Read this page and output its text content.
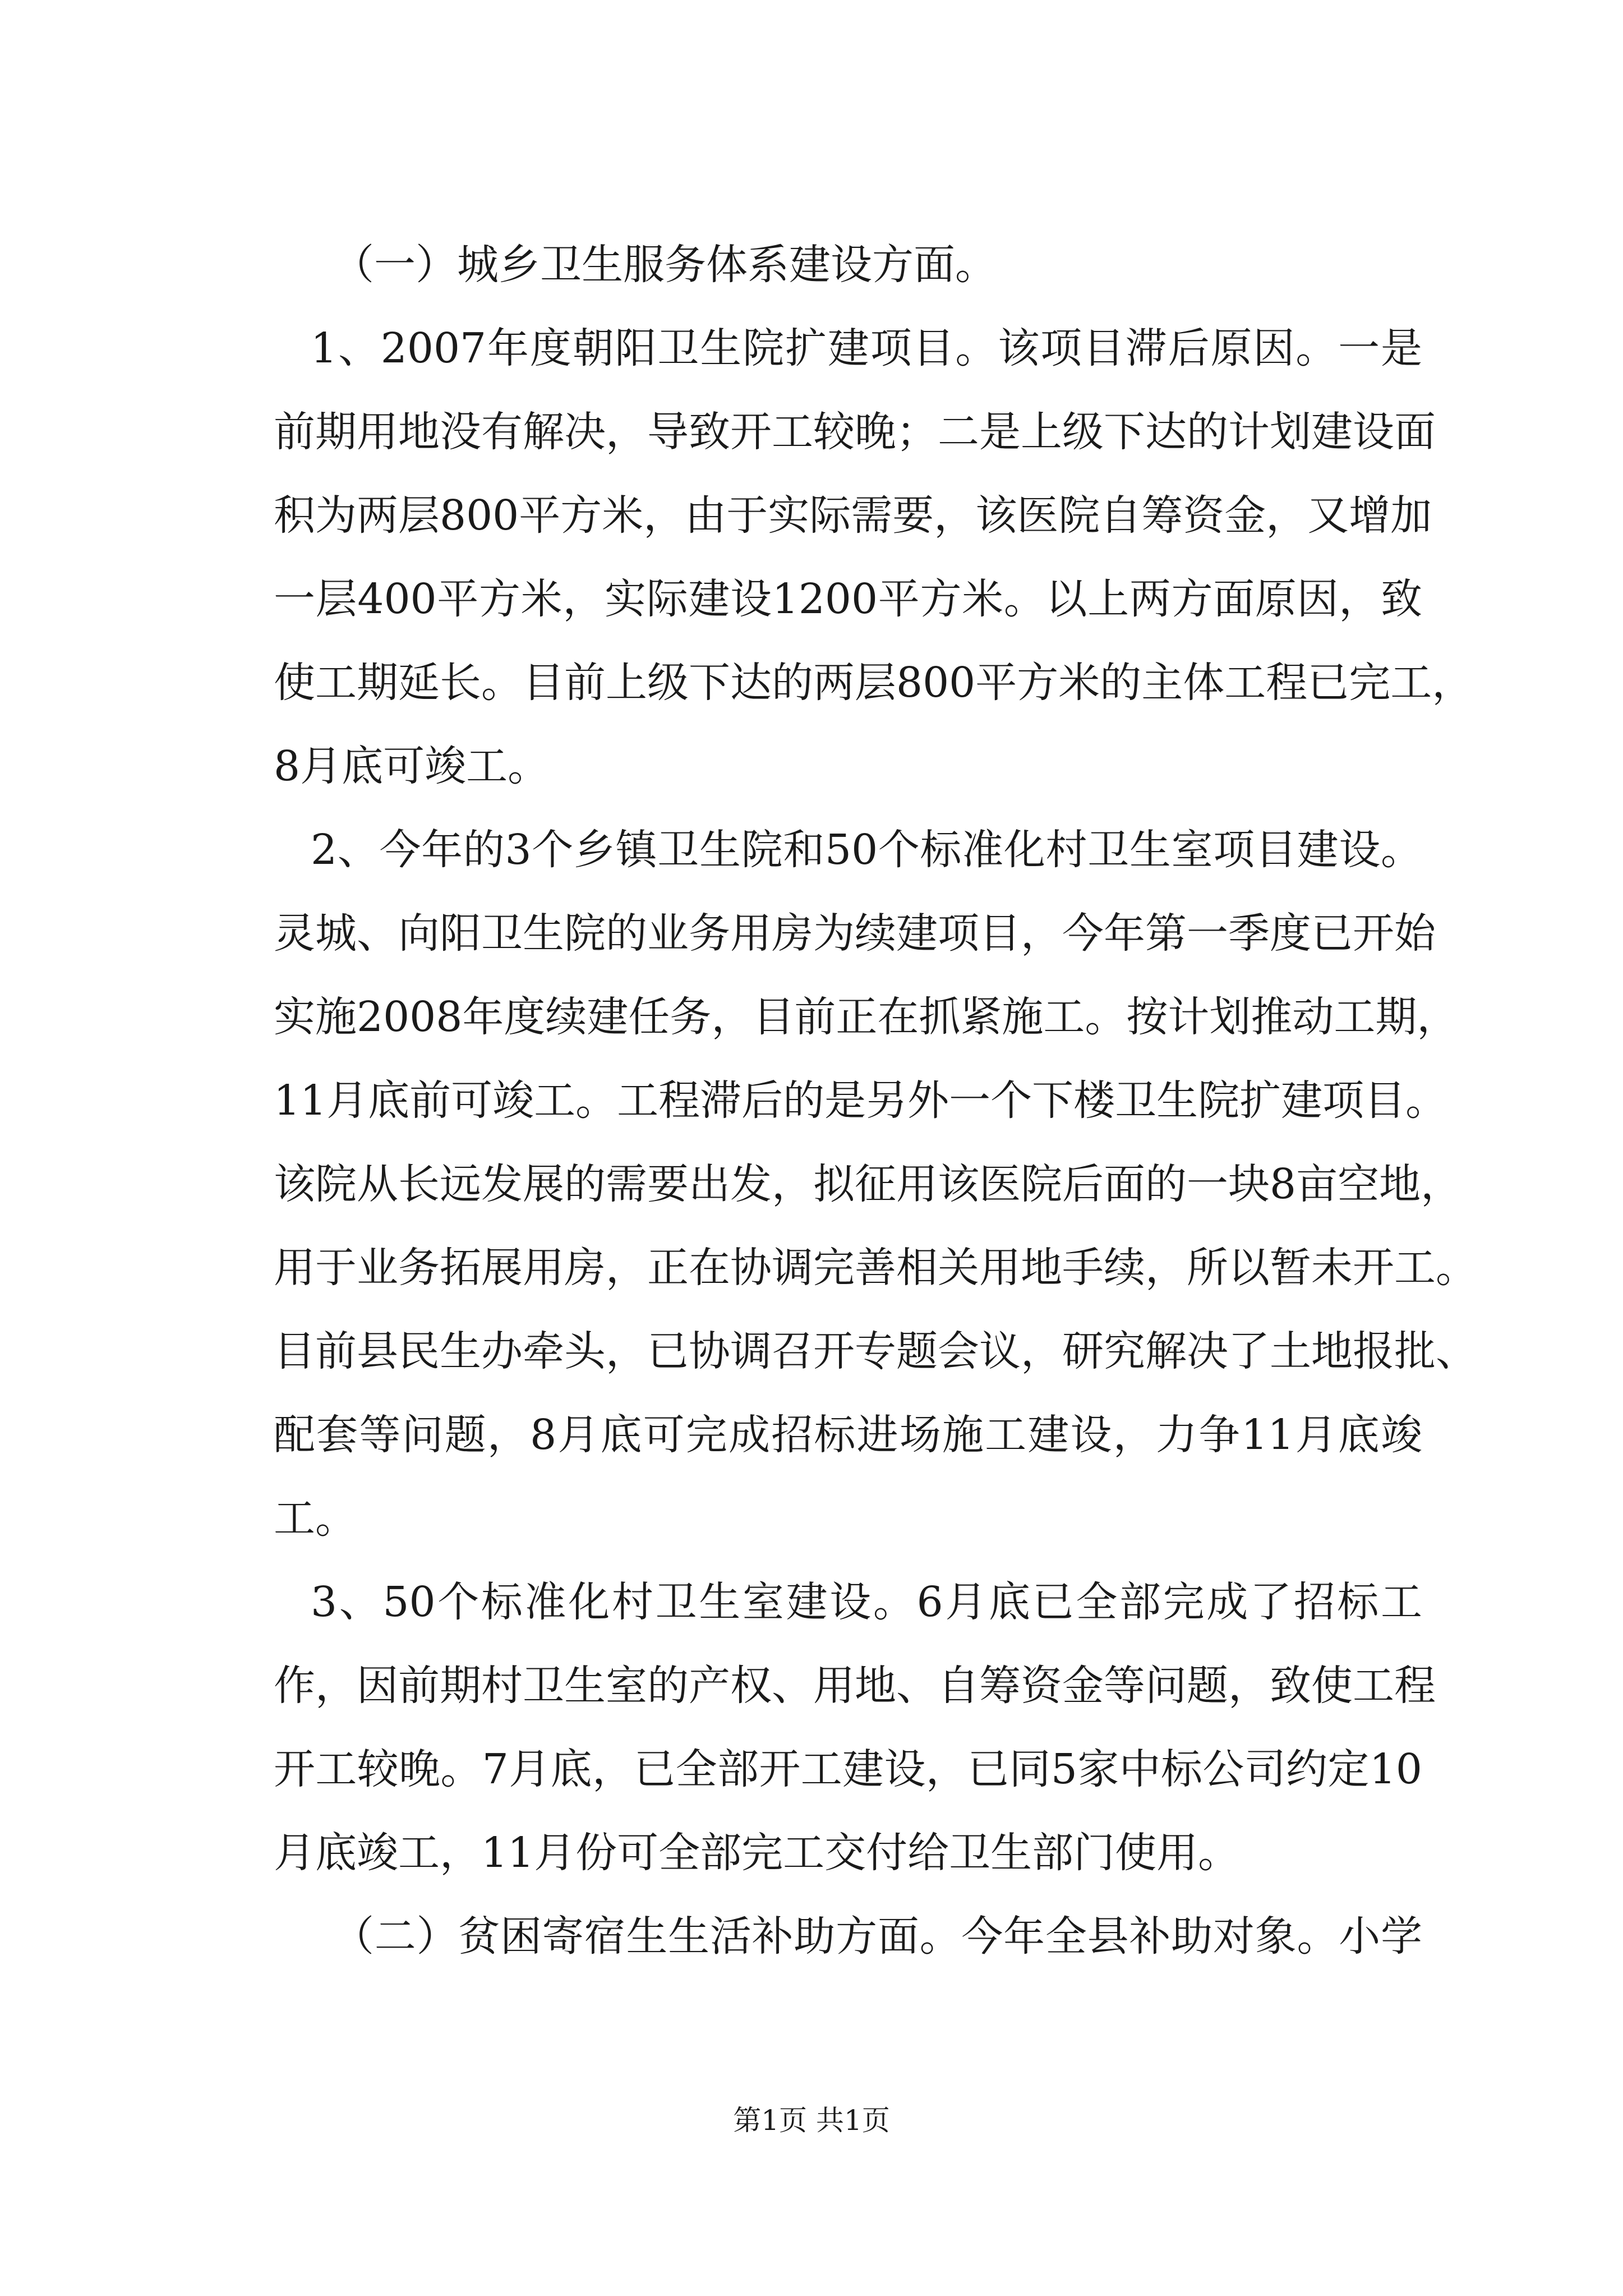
（一）城乡卫生服务体系建设方面。
1、2007年度朝阳卫生院扩建项目。该项目滞后原因。一是
前期用地没有解决，导致开工较晚；二是上级下达的计划建设面
积为两层800平方米，由于实际需要，该医院自筹资金，又增加
一层400平方米，实际建设1200平方米。以上两方面原因，致
使工期延长。目前上级下达的两层800平方米的主体工程已完工，
8月底可竣工。
2、今年的3个乡镇卫生院和50个标准化村卫生室项目建设。
灵城、向阳卫生院的业务用房为续建项目，今年第一季度已开始
实施2008年度续建任务，目前正在抓紧施工。按计划推动工期，
11月底前可竣工。工程滞后的是另外一个下楼卫生院扩建项目。
该院从长远发展的需要出发，拟征用该医院后面的一块8亩空地，
用于业务拓展用房，正在协调完善相关用地手续，所以暂未开工。
目前县民生办牵头，已协调召开专题会议，研究解决了土地报批、
配套等问题，8月底可完成招标进场施工建设，力争11月底竣
工。
3、50个标准化村卫生室建设。6月底已全部完成了招标工
作，因前期村卫生室的产权、用地、自筹资金等问题，致使工程
开工较晚。7月底，已全部开工建设，已同5家中标公司约定10
月底竣工，11月份可全部完工交付给卫生部门使用。
（二）贫困寄宿生生活补助方面。今年全县补助对象。小学
第1页 共1页
